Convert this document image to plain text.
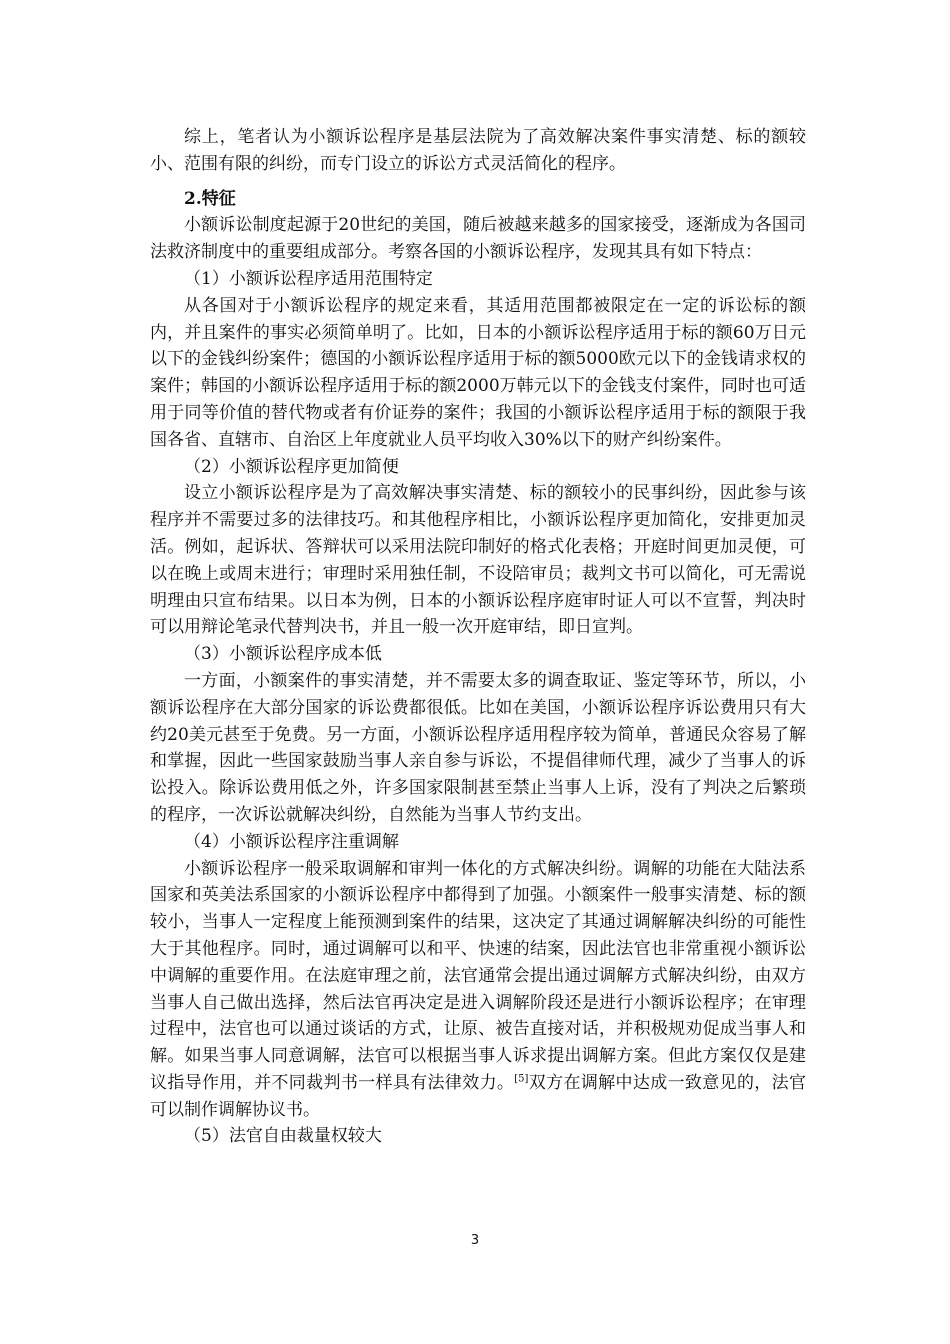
综上，笔者认为小额诉讼程序是基层法院为了高效解决案件事实清楚、标的额较小、范围有限的纠纷，而专门设立的诉讼方式灵活简化的程序。

2.特征

小额诉讼制度起源于20世纪的美国，随后被越来越多的国家接受，逐渐成为各国司法救济制度中的重要组成部分。考察各国的小额诉讼程序，发现其具有如下特点：

（1）小额诉讼程序适用范围特定

从各国对于小额诉讼程序的规定来看，其适用范围都被限定在一定的诉讼标的额内，并且案件的事实必须简单明了。比如，日本的小额诉讼程序适用于标的额60万日元以下的金钱纠纷案件；德国的小额诉讼程序适用于标的额5000欧元以下的金钱请求权的案件；韩国的小额诉讼程序适用于标的额2000万韩元以下的金钱支付案件，同时也可适用于同等价值的替代物或者有价证券的案件；我国的小额诉讼程序适用于标的额限于我国各省、直辖市、自治区上年度就业人员平均收入30%以下的财产纠纷案件。

（2）小额诉讼程序更加简便

设立小额诉讼程序是为了高效解决事实清楚、标的额较小的民事纠纷，因此参与该程序并不需要过多的法律技巧。和其他程序相比，小额诉讼程序更加简化，安排更加灵活。例如，起诉状、答辩状可以采用法院印制好的格式化表格；开庭时间更加灵便，可以在晚上或周末进行；审理时采用独任制，不设陪审员；裁判文书可以简化，可无需说明理由只宣布结果。以日本为例，日本的小额诉讼程序庭审时证人可以不宣誓，判决时可以用辩论笔录代替判决书，并且一般一次开庭审结，即日宣判。

（3）小额诉讼程序成本低

一方面，小额案件的事实清楚，并不需要太多的调查取证、鉴定等环节，所以，小额诉讼程序在大部分国家的诉讼费都很低。比如在美国，小额诉讼程序诉讼费用只有大约20美元甚至于免费。另一方面，小额诉讼程序适用程序较为简单，普通民众容易了解和掌握，因此一些国家鼓励当事人亲自参与诉讼，不提倡律师代理，减少了当事人的诉讼投入。除诉讼费用低之外，许多国家限制甚至禁止当事人上诉，没有了判决之后繁琐的程序，一次诉讼就解决纠纷，自然能为当事人节约支出。

（4）小额诉讼程序注重调解

小额诉讼程序一般采取调解和审判一体化的方式解决纠纷。调解的功能在大陆法系国家和英美法系国家的小额诉讼程序中都得到了加强。小额案件一般事实清楚、标的额较小，当事人一定程度上能预测到案件的结果，这决定了其通过调解解决纠纷的可能性大于其他程序。同时，通过调解可以和平、快速的结案，因此法官也非常重视小额诉讼中调解的重要作用。在法庭审理之前，法官通常会提出通过调解方式解决纠纷，由双方当事人自己做出选择，然后法官再决定是进入调解阶段还是进行小额诉讼程序；在审理过程中，法官也可以通过谈话的方式，让原、被告直接对话，并积极规劝促成当事人和解。如果当事人同意调解，法官可以根据当事人诉求提出调解方案。但此方案仅仅是建议指导作用，并不同裁判书一样具有法律效力。[5]双方在调解中达成一致意见的，法官可以制作调解协议书。

（5）法官自由裁量权较大

3
